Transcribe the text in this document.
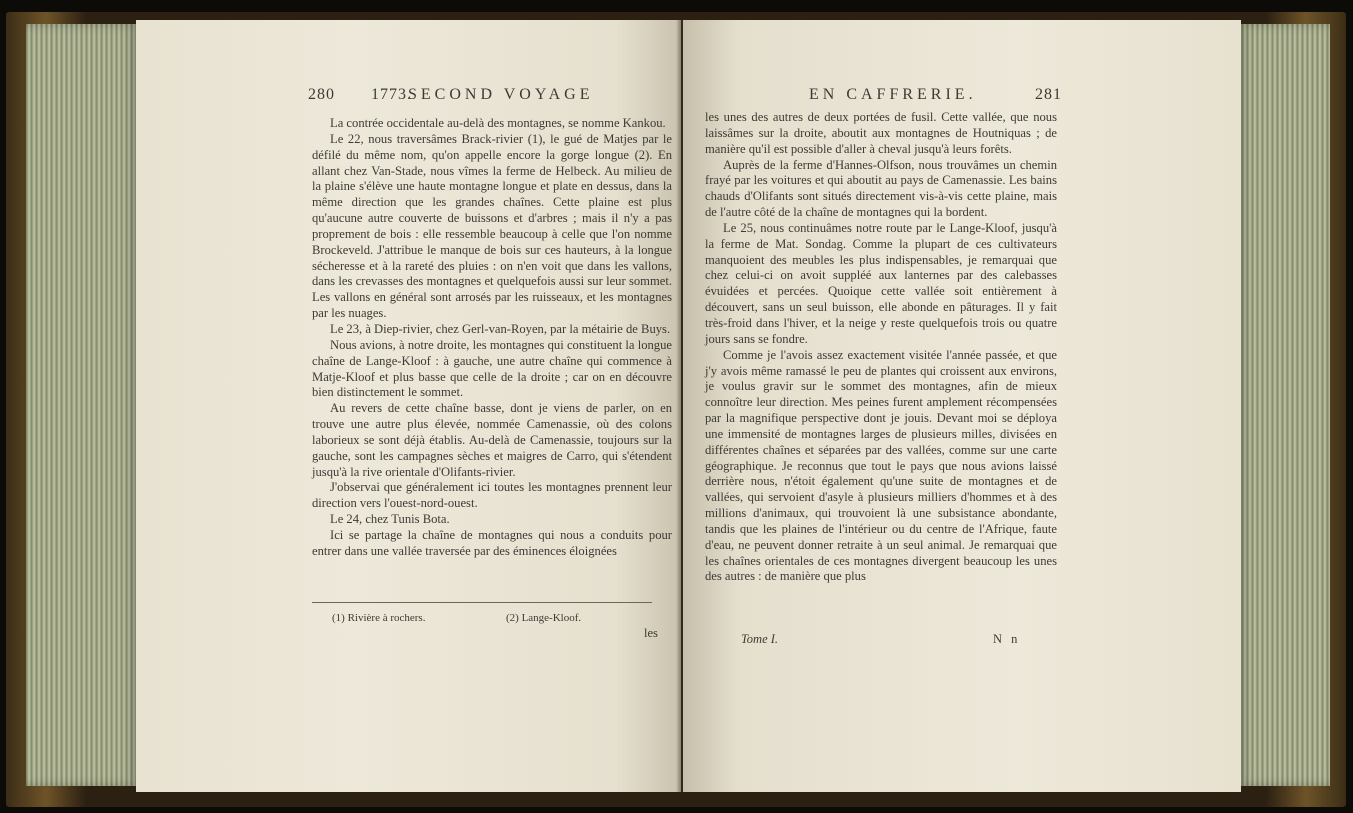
280 1773.
SECOND VOYAGE

La contrée occidentale au-delà des montagnes, se nomme Kankou.

Le 22, nous traversâmes Brack-rivier (1), le gué de Matjes par le défilé du même nom, qu'on appelle encore la gorge longue (2). En allant chez Van-Stade, nous vîmes la ferme de Helbeck. Au milieu de la plaine s'élève une haute montagne longue et plate en dessus, dans la même direction que les grandes chaînes. Cette plaine est plus qu'aucune autre couverte de buissons et d'arbres ; mais il n'y a pas proprement de bois : elle ressemble beaucoup à celle que l'on nomme Brockeveld. J'attribue le manque de bois sur ces hauteurs, à la longue sécheresse et à la rareté des pluies : on n'en voit que dans les vallons, dans les crevasses des montagnes et quelquefois aussi sur leur sommet. Les vallons en général sont arrosés par les ruisseaux, et les montagnes par les nuages.

Le 23, à Diep-rivier, chez Gerl-van-Royen, par la métairie de Buys.

Nous avions, à notre droite, les montagnes qui constituent la longue chaîne de Lange-Kloof : à gauche, une autre chaîne qui commence à Matje-Kloof et plus basse que celle de la droite ; car on en découvre bien distinctement le sommet.

Au revers de cette chaîne basse, dont je viens de parler, on en trouve une autre plus élevée, nommée Camenassie, où des colons laborieux se sont déjà établis. Au-delà de Camenassie, toujours sur la gauche, sont les campagnes sèches et maigres de Carro, qui s'étendent jusqu'à la rive orientale d'Olifants-rivier.

J'observai que généralement ici toutes les montagnes prennent leur direction vers l'ouest-nord-ouest.

Le 24, chez Tunis Bota.

Ici se partage la chaîne de montagnes qui nous a conduits pour entrer dans une vallée traversée par des éminences éloignées

(1) Rivière à rochers.	(2) Lange-Kloof.
les
EN CAFFRERIE.	281

les unes des autres de deux portées de fusil. Cette vallée, que nous laissâmes sur la droite, aboutit aux montagnes de Houtniquas ; de manière qu'il est possible d'aller à cheval jusqu'à leurs forêts.

Auprès de la ferme d'Hannes-Olfson, nous trouvâmes un chemin frayé par les voitures et qui aboutit au pays de Camenassie. Les bains chauds d'Olifants sont situés directement vis-à-vis cette plaine, mais de l'autre côté de la chaîne de montagnes qui la bordent.

Le 25, nous continuâmes notre route par le Lange-Kloof, jusqu'à la ferme de Mat. Sondag. Comme la plupart de ces cultivateurs manquoient des meubles les plus indispensables, je remarquai que chez celui-ci on avoit suppléé aux lanternes par des calebasses évuidées et percées. Quoique cette vallée soit entièrement à découvert, sans un seul buisson, elle abonde en pâturages. Il y fait très-froid dans l'hiver, et la neige y reste quelquefois trois ou quatre jours sans se fondre.

Comme je l'avois assez exactement visitée l'année passée, et que j'y avois même ramassé le peu de plantes qui croissent aux environs, je voulus gravir sur le sommet des montagnes, afin de mieux connoître leur direction. Mes peines furent amplement récompensées par la magnifique perspective dont je jouis. Devant moi se déploya une immensité de montagnes larges de plusieurs milles, divisées en différentes chaînes et séparées par des vallées, comme sur une carte géographique. Je reconnus que tout le pays que nous avions laissé derrière nous, n'étoit également qu'une suite de montagnes et de vallées, qui servoient d'asyle à plusieurs milliers d'hommes et à des millions d'animaux, qui trouvoient là une subsistance abondante, tandis que les plaines de l'intérieur ou du centre de l'Afrique, faute d'eau, ne peuvent donner retraite à un seul animal. Je remarquai que les chaînes orientales de ces montagnes divergent beaucoup les unes des autres : de manière que plus

Tome I.	N n
